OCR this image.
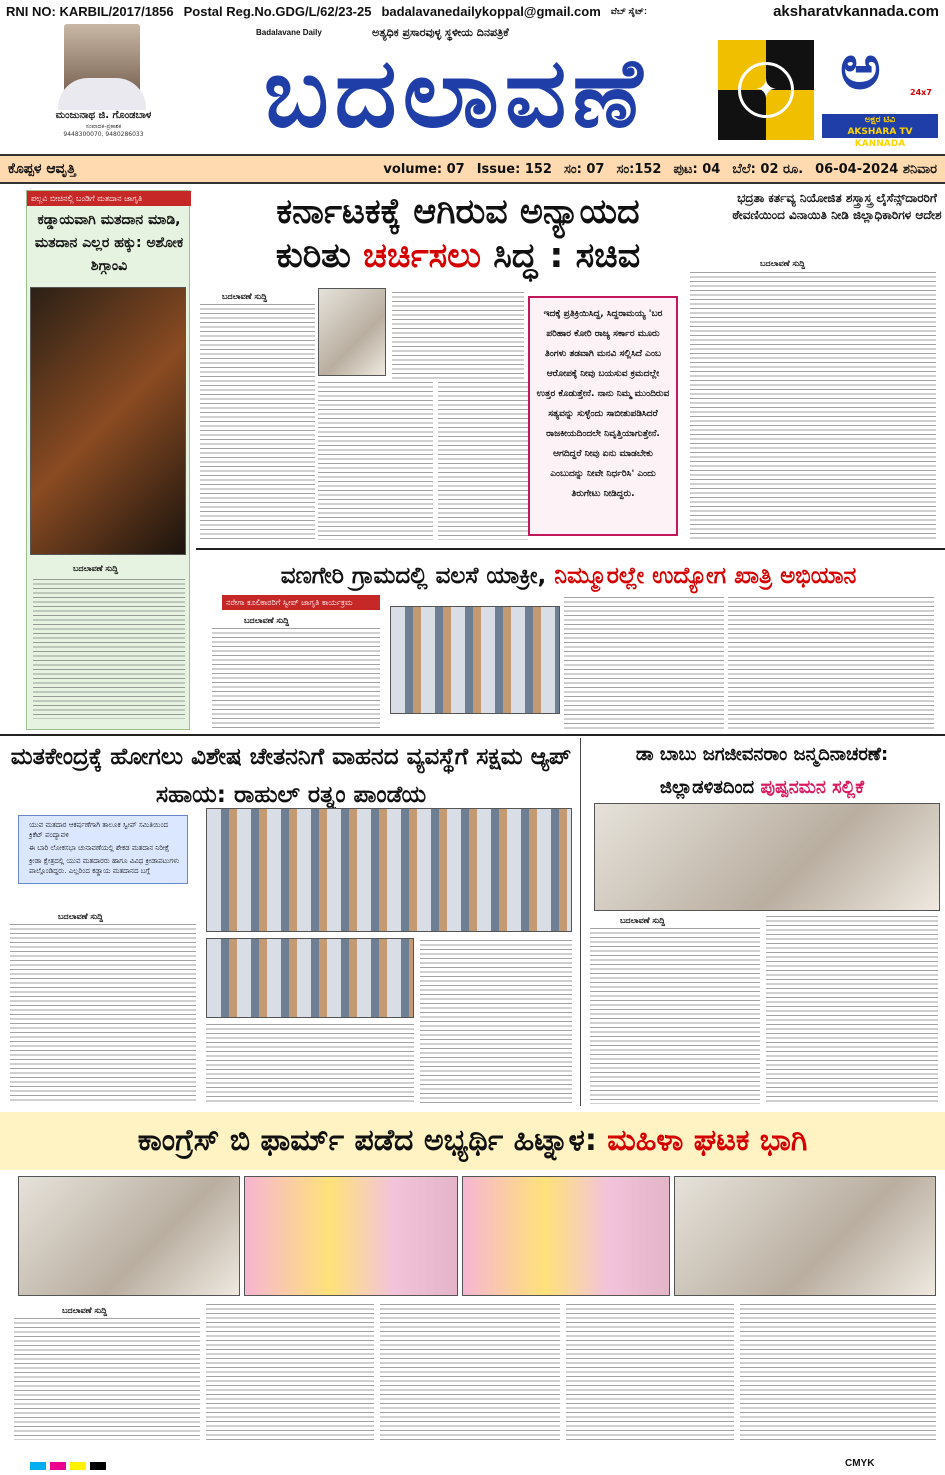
RNI NO: KARBIL/2017/1856 Postal Reg.No.GDG/L/62/23-25 badalavanedailykoppal@gmail.com ವೆಬ್ ಸೈಟ್:	aksharatvkannada.com
ಮಂಜುನಾಥ ಜಿ. ಗೊಂಡಬಾಳ
ಸಂಪಾದಕ-ಪ್ರಕಾಶಕ
9448300070, 9480286033
Badalavane Daily	ಅತ್ಯಧಿಕ ಪ್ರಸಾರವುಳ್ಳ ಸ್ಥಳೀಯ ದಿನಪತ್ರಿಕೆ
ಬದಲಾವಣೆ	✦ ಅ	24x7
ಅಕ್ಷರ ಟಿವಿ
AKSHARA TV KANNADA
ಕೊಪ್ಪಳ ಆವೃತ್ತಿ	volume: 07 Issue: 152 ಸಂ: 07 ಸಂ:152 ಪುಟ: 04 ಬೆಲೆ: 02 ರೂ. 06-04-2024 ಶನಿವಾರ
ಪಲ್ಲವಿ ಬೀಚಿನಲ್ಲಿ ಬಂಡಿಗೆ ಮತದಾನ ಜಾಗೃತಿ
ಕಡ್ಡಾಯವಾಗಿ ಮತದಾನ ಮಾಡಿ, ಮತದಾನ ಎಲ್ಲರ ಹಕ್ಕು: ಅಶೋಕ ಶಿಗ್ಗಾಂವಿ
ಬದಲಾವಣೆ ಸುದ್ದಿ
ಕರ್ನಾಟಕಕ್ಕೆ ಆಗಿರುವ ಅನ್ಯಾಯದ
ಕುರಿತು ಚರ್ಚಿಸಲು ಸಿದ್ಧ : ಸಚಿವ
ಬದಲಾವಣೆ ಸುದ್ದಿ
ಇದಕ್ಕೆ ಪ್ರತಿಕ್ರಿಯಿಸಿದ್ದ, ಸಿದ್ದರಾಮಯ್ಯ 'ಬರ ಪರಿಹಾರ ಕೋರಿ ರಾಜ್ಯ ಸರ್ಕಾರ ಮೂರು ತಿಂಗಳು ತಡವಾಗಿ ಮನವಿ ಸಲ್ಲಿಸಿದೆ ಎಂಬ ಆರೋಪಕ್ಕೆ ನೀವು ಬಯಸುವ ಕ್ರಮದಲ್ಲೇ ಉತ್ತರ ಕೊಡುತ್ತೇನೆ. ನಾನು ನಿಮ್ಮ ಮುಂದಿರುವ ಸತ್ಯವನ್ನು ಸುಳ್ಳೆಂದು ಸಾಬೀತುಪಡಿಸಿದರೆ ರಾಜಕೀಯದಿಂದಲೇ ನಿವೃತ್ತಿಯಾಗುತ್ತೇನೆ. ಆಗದಿದ್ದರೆ ನೀವು ಏನು ಮಾಡಬೇಕು ಎಂಬುದನ್ನು ನೀವೇ ನಿರ್ಧರಿಸಿ' ಎಂದು ತಿರುಗೇಟು ನೀಡಿದ್ದರು.
ಭದ್ರತಾ ಕರ್ತವ್ಯ ನಿಯೋಜಿತ ಶಸ್ತ್ರಾಸ್ತ್ರ ಲೈಸೆನ್ಸ್‌ದಾರರಿಗೆ ಠೇವಣಿಯಿಂದ ವಿನಾಯಿತಿ ನೀಡಿ ಜಿಲ್ಲಾಧಿಕಾರಿಗಳ ಆದೇಶ
ಬದಲಾವಣೆ ಸುದ್ದಿ
ವಣಗೇರಿ ಗ್ರಾಮದಲ್ಲಿ ವಲಸೆ ಯಾಕ್ರೀ, ನಿಮ್ಮೂರಲ್ಲೇ ಉದ್ಯೋಗ ಖಾತ್ರಿ ಅಭಿಯಾನ
ನರೇಗಾ ಕೂಲಿಕಾರರಿಗೆ ಸ್ವೀಪ್ ಜಾಗೃತಿ ಕಾರ್ಯಕ್ರಮ
ಬದಲಾವಣೆ ಸುದ್ದಿ
ಮತಕೇಂದ್ರಕ್ಕೆ ಹೋಗಲು ವಿಶೇಷ ಚೇತನನಿಗೆ ವಾಹನದ ವ್ಯವಸ್ಥೆಗೆ ಸಕ್ಷಮ ಆ್ಯಪ್ ಸಹಾಯ: ರಾಹುಲ್ ರತ್ನಂ ಪಾಂಡೆಯ
ಯುವ ಮತದಾರ ಆಕರ್ಷಣೆಗಾಗಿ ತಾಲೂಕ ಸ್ವೀಪ್ ಸಮಿತಿಯಿಂದ ಕ್ರಿಕೆಟ್ ಪಂದ್ಯಾವಳಿ
ಈ ಬಾರಿ ಲೋಕಸಭಾ ಚುನಾವಣೆಯಲ್ಲಿ ಶೇಕಡ ಮತದಾನ ನಿರೀಕ್ಷೆ
ಕ್ರೀಡಾ ಕ್ಷೇತ್ರದಲ್ಲಿ ಯುವ ಮತದಾರರು ಹಾಗೂ ವಿವಿಧ ಕ್ರೀಡಾಪಟುಗಳು ಪಾಲ್ಗೊಂಡಿದ್ದರು. ಎಲ್ಲರಿಂದ ಕಡ್ಡಾಯ ಮತದಾನದ ಬಗ್ಗೆ
ಬದಲಾವಣೆ ಸುದ್ದಿ
ಡಾ ಬಾಬು ಜಗಜೀವನರಾಂ ಜನ್ಮದಿನಾಚರಣೆ:
ಜಿಲ್ಲಾಡಳಿತದಿಂದ ಪುಷ್ಪನಮನ ಸಲ್ಲಿಕೆ
ಬದಲಾವಣೆ ಸುದ್ದಿ
ಕಾಂಗ್ರೆಸ್ ಬಿ ಫಾರ್ಮ್ ಪಡೆದ ಅಭ್ಯರ್ಥಿ ಹಿಟ್ನಾಳ: ಮಹಿಳಾ ಘಟಕ ಭಾಗಿ
ಬದಲಾವಣೆ ಸುದ್ದಿ
CMYK
